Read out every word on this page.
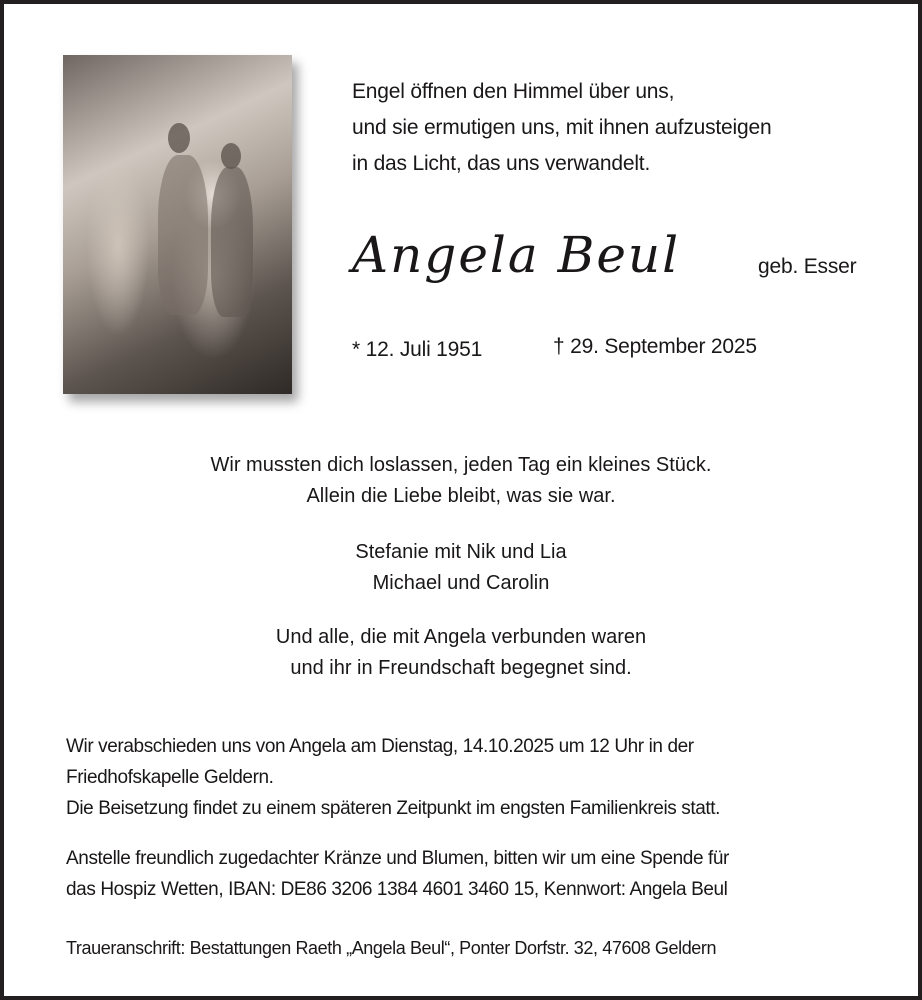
Engel öffnen den Himmel über uns,
und sie ermutigen uns, mit ihnen aufzusteigen
in das Licht, das uns verwandelt.
Angela Beul	geb. Esser
* 12. Juli 1951	† 29. September 2025
Wir mussten dich loslassen, jeden Tag ein kleines Stück.
Allein die Liebe bleibt, was sie war.
Stefanie mit Nik und Lia
Michael und Carolin
Und alle, die mit Angela verbunden waren
und ihr in Freundschaft begegnet sind.
Wir verabschieden uns von Angela am Dienstag, 14.10.2025 um 12 Uhr in der
Friedhofskapelle Geldern.
Die Beisetzung findet zu einem späteren Zeitpunkt im engsten Familienkreis statt.
Anstelle freundlich zugedachter Kränze und Blumen, bitten wir um eine Spende für
das Hospiz Wetten, IBAN: DE86 3206 1384 4601 3460 15, Kennwort: Angela Beul
Traueranschrift: Bestattungen Raeth „Angela Beul“, Ponter Dorfstr. 32, 47608 Geldern
